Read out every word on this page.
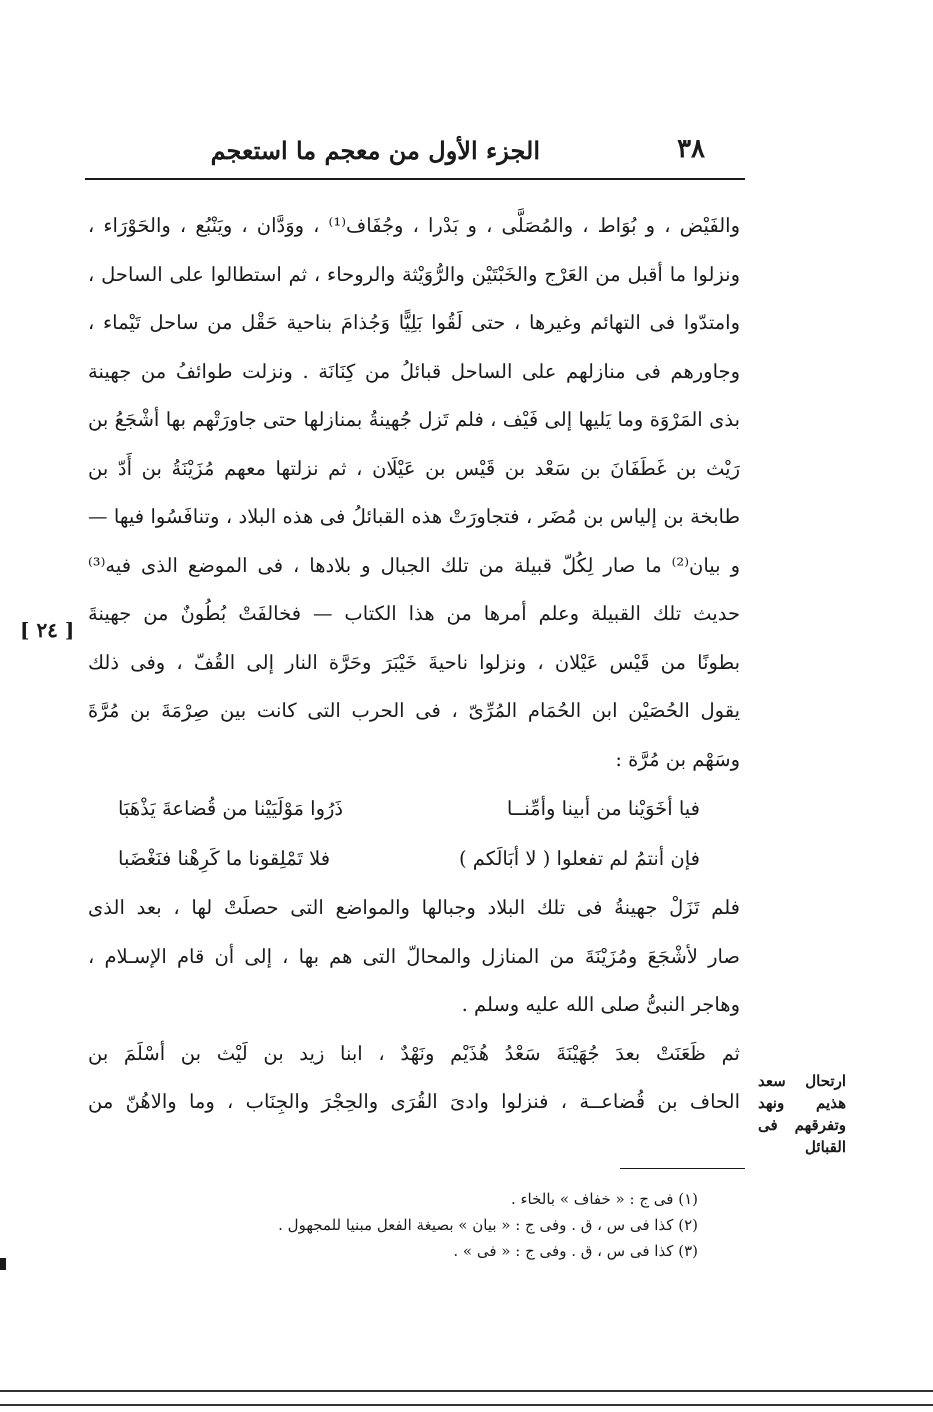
٣٨
الجزء الأول من معجم ما استعجم
والفَيْض ، و بُوَاط ، والمُصَلَّى ، و بَدْرا ، وجُفَاف⁽¹⁾ ، ووَدَّان ، ويَنْبُع ، والحَوْرَاء ،
ونزلوا ما أقبل من العَرْج والخَبْتَيْن والرُّوَيْثة والروحاء ، ثم استطالوا على الساحل ،
وامتدّوا فى التهائم وغيرها ، حتى لَقُوا بَلِيًّا وَجُذامَ بناحية حَقْل من ساحل تَيْماء ،
وجاورهم فى منازلهم على الساحل قبائلُ من كِنَانَة . ونزلت طوائفُ من جهينة
بذى المَرْوَة وما يَليها إلى فَيْف ، فلم تَزل جُهينةُ بمنازلها حتى جاورَتْهم بها أشْجَعُ بن
رَيْث بن غَطَفَانَ بن سَعْد بن قَيْس بن عَيْلَان ، ثم نزلتها معهم مُزَيْنَةُ بن أَدّ بن
طابخة بن إلياس بن مُضَر ، فتجاورَتْ هذه القبائلُ فى هذه البلاد ، وتنافَسُوا فيها —
و بيان⁽²⁾ ما صار لِكُلّ قبيلة من تلك الجبال و بلادها ، فى الموضع الذى فيه⁽³⁾
حديث تلك القبيلة وعلم أمرها من هذا الكتاب — فخالفَتْ بُطُونٌ من جهينةَ
بطونًا من قَيْس عَيْلان ، ونزلوا ناحيةَ خَيْبَرَ وحَرَّة النار إلى القُفّ ، وفى ذلك
يقول الحُصَيْن ابن الحُمَام المُرِّىّ ، فى الحرب التى كانت بين صِرْمَةَ بن مُرَّةَ
وسَهْم بن مُرَّة :
فيا أخَوَيْنا من أبينا وأمِّنــا
ذَرُوا مَوْلَيَيْنا من قُضاعةَ يَذْهَبَا
فإن أنتمُ لم تفعلوا ( لا أبَالَكم )
فلا تَمْلِقونا ما كَرِهْنا فنَغْضَبا
فلم تَزَلْ جهينةُ فى تلك البلاد وجبالها والمواضع التى حصلَتْ لها ، بعد الذى
صار لأشْجَعَ ومُزَيْنَةَ من المنازل والمحالّ التى هم بها ، إلى أن قام الإسـلام ،
وهاجر النبىُّ صلى الله عليه وسلم .
ثم ظَعَنَتْ بعدَ جُهَيْنَةَ سَعْدُ هُذَيْم ونَهْدٌ ، ابنا زيد بن لَيْث بن أسْلَمَ بن
الحاف بن قُضاعــة ، فنزلوا وادىَ القُرَى والحِجْرَ والجِنَاب ، وما والاهُنّ من
[ ٢٤ ]
ارتحال سعد هذيم ونهد وتفرقهم فى القبائل
(١) فى ج : « خفاف » بالخاء .
(٢) كذا فى س ، ق . وفى ج : « بيان » بصيغة الفعل مبنيا للمجهول .
(٣) كذا فى س ، ق . وفى ج : « فى » .
